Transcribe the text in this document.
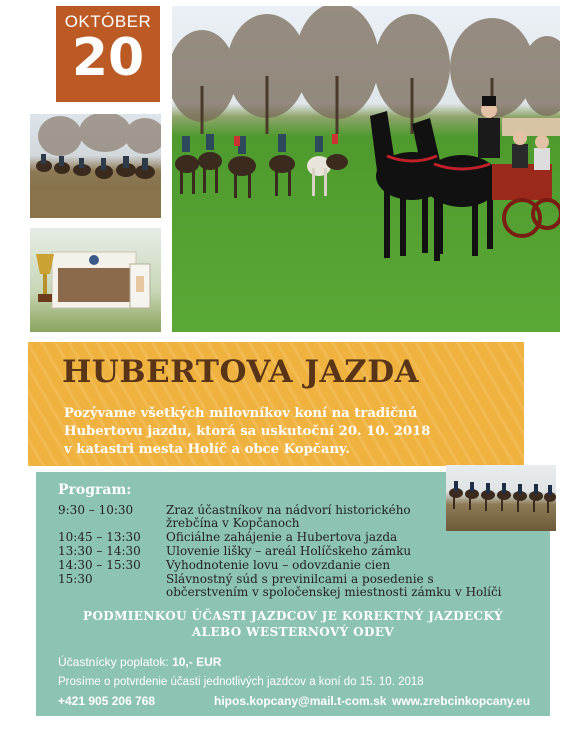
OKTÓBER
20
HUBERTOVA JAZDA
Pozývame všetkých milovníkov koní na tradičnú
Hubertovu jazdu, ktorá sa uskutoční 20. 10. 2018
v katastri mesta Holíč a obce Kopčany.
Program:
9:30 – 10:30	Zraz účastníkov na nádvorí historického žrebčína v Kopčanoch
10:45 – 13:30	Oficiálne zahájenie a Hubertova jazda
13:30 – 14:30	Ulovenie lišky – areál Holíčskeho zámku
14:30 – 15:30	Vyhodnotenie lovu – odovzdanie cien
15:30	Slávnostný súd s previnilcami a posedenie s občerstvením v spoločenskej miestnosti zámku v Holíči
PODMIENKOU ÚČASTI JAZDCOV JE KOREKTNÝ JAZDECKÝ
ALEBO WESTERNOVÝ ODEV
Účastnícky poplatok: 10,- EUR
Prosíme o potvrdenie účasti jednotlivých jazdcov a koní do 15. 10. 2018
+421 905 206 768	hipos.kopcany@mail.t-com.sk www.zrebcinkopcany.eu
